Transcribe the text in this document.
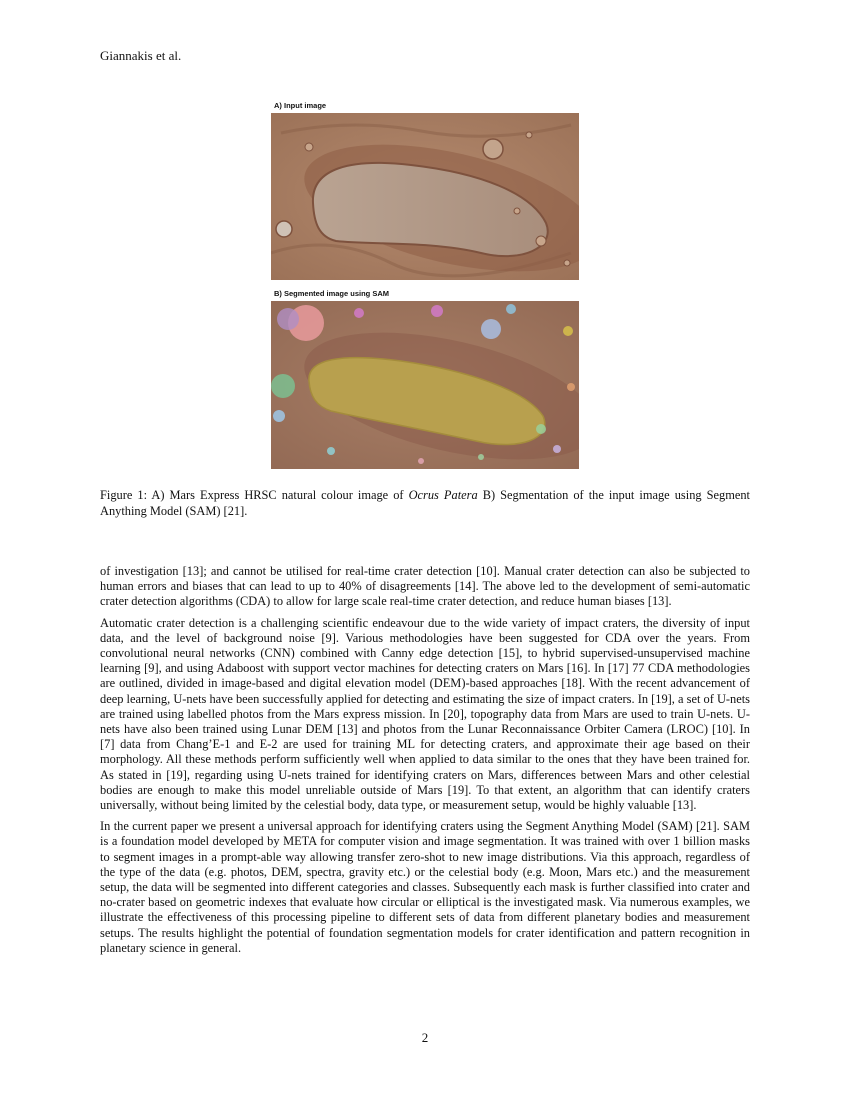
Giannakis et al.
A) Input image
B) Segmented image using SAM
Figure 1: A) Mars Express HRSC natural colour image of Ocrus Patera B) Segmentation of the input image using Segment Anything Model (SAM) [21].

of investigation [13]; and cannot be utilised for real-time crater detection [10]. Manual crater detection can also be subjected to human errors and biases that can lead to up to 40% of disagreements [14]. The above led to the development of semi-automatic crater detection algorithms (CDA) to allow for large scale real-time crater detection, and reduce human biases [13].

Automatic crater detection is a challenging scientific endeavour due to the wide variety of impact craters, the diversity of input data, and the level of background noise [9]. Various methodologies have been suggested for CDA over the years. From convolutional neural networks (CNN) combined with Canny edge detection [15], to hybrid supervised-unsupervised machine learning [9], and using Adaboost with support vector machines for detecting craters on Mars [16]. In [17] 77 CDA methodologies are outlined, divided in image-based and digital elevation model (DEM)-based approaches [18]. With the recent advancement of deep learning, U-nets have been successfully applied for detecting and estimating the size of impact craters. In [19], a set of U-nets are trained using labelled photos from the Mars express mission. In [20], topography data from Mars are used to train U-nets. U-nets have also been trained using Lunar DEM [13] and photos from the Lunar Reconnaissance Orbiter Camera (LROC) [10]. In [7] data from Chang’E-1 and E-2 are used for training ML for detecting craters, and approximate their age based on their morphology. All these methods perform sufficiently well when applied to data similar to the ones that they have been trained for. As stated in [19], regarding using U-nets trained for identifying craters on Mars, differences between Mars and other celestial bodies are enough to make this model unreliable outside of Mars [19]. To that extent, an algorithm that can identify craters universally, without being limited by the celestial body, data type, or measurement setup, would be highly valuable [13].

In the current paper we present a universal approach for identifying craters using the Segment Anything Model (SAM) [21]. SAM is a foundation model developed by META for computer vision and image segmentation. It was trained with over 1 billion masks to segment images in a prompt-able way allowing transfer zero-shot to new image distributions. Via this approach, regardless of the type of the data (e.g. photos, DEM, spectra, gravity etc.) or the celestial body (e.g. Moon, Mars etc.) and the measurement setup, the data will be segmented into different categories and classes. Subsequently each mask is further classified into crater and no-crater based on geometric indexes that evaluate how circular or elliptical is the investigated mask. Via numerous examples, we illustrate the effectiveness of this processing pipeline to different sets of data from different planetary bodies and measurement setups. The results highlight the potential of foundation segmentation models for crater identification and pattern recognition in planetary science in general.

2
